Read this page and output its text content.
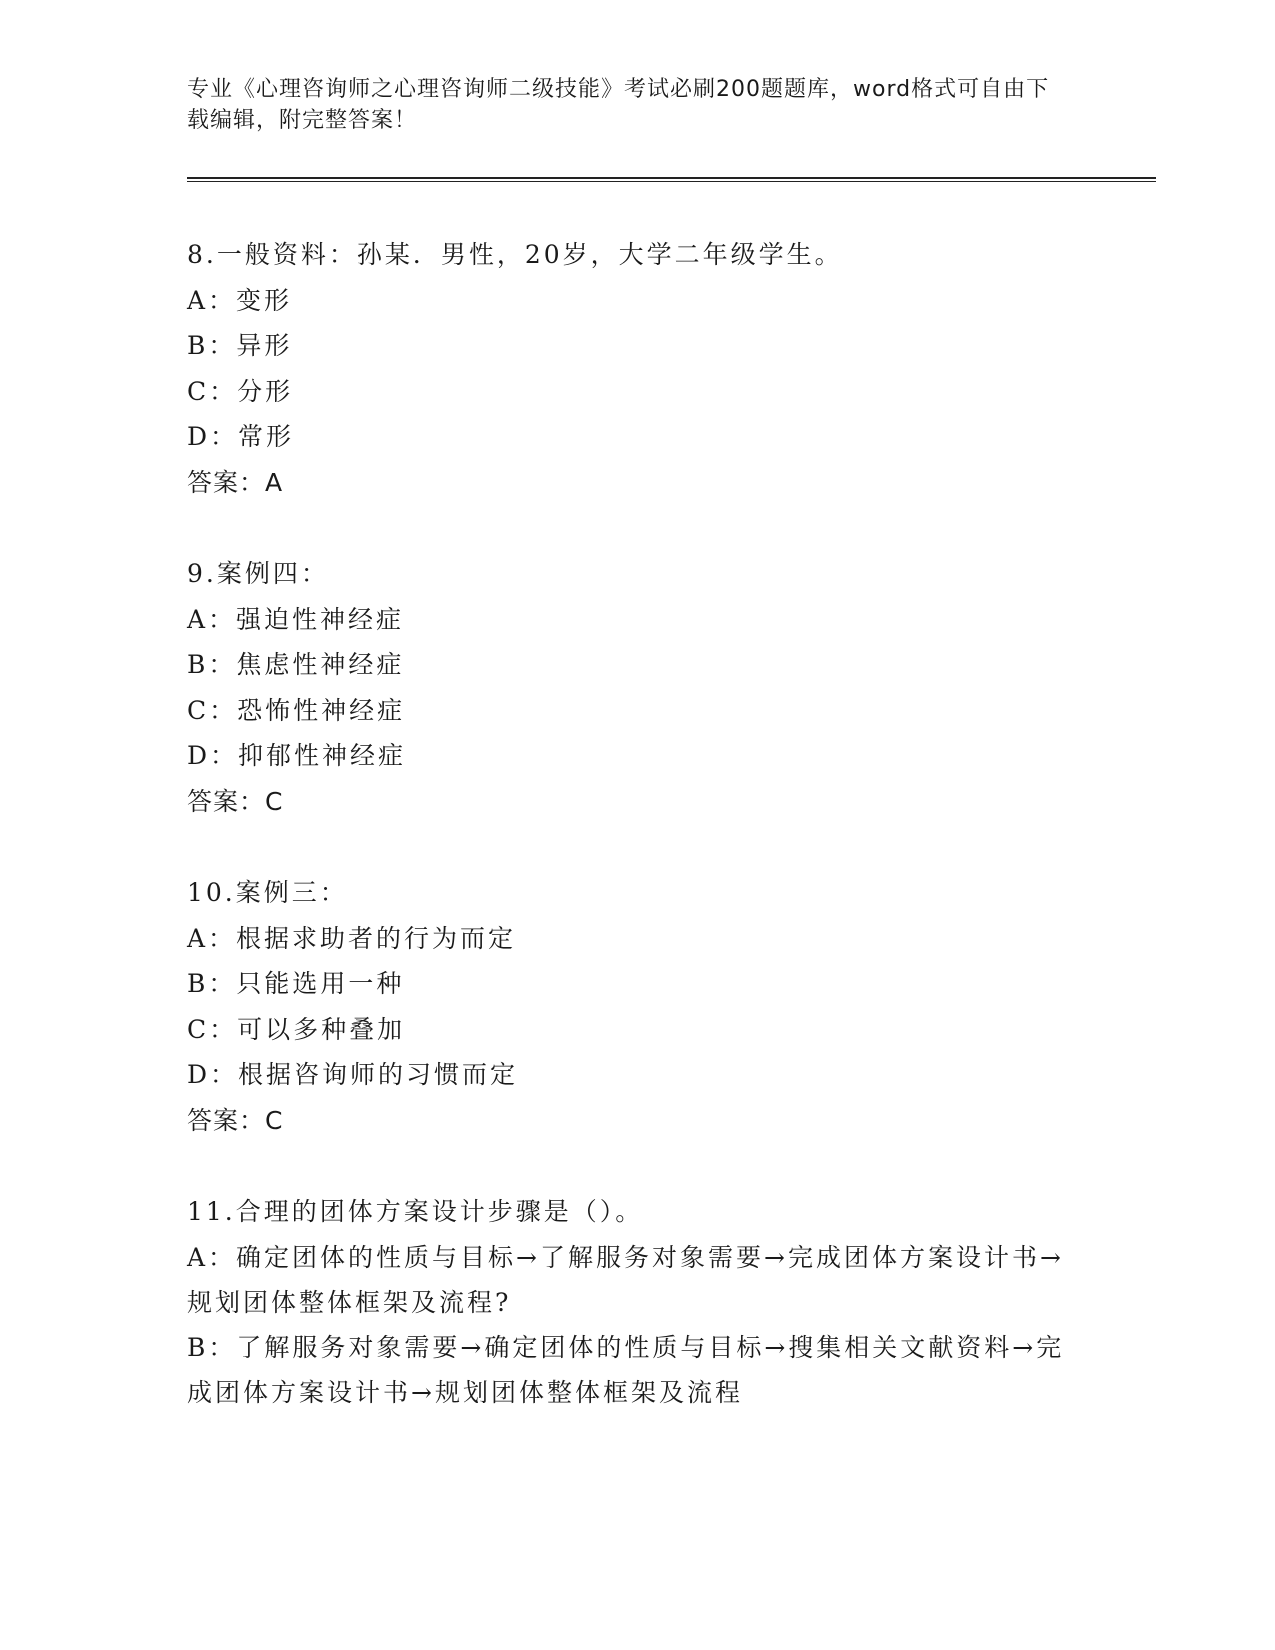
专业《心理咨询师之心理咨询师二级技能》考试必刷200题题库，word格式可自由下载编辑，附完整答案！
8.一般资料：孙某．男性，20岁，大学二年级学生。
A：变形
B：异形
C：分形
D：常形
答案：A
9.案例四：
A：强迫性神经症
B：焦虑性神经症
C：恐怖性神经症
D：抑郁性神经症
答案：C
10.案例三：
A：根据求助者的行为而定
B：只能选用一种
C：可以多种叠加
D：根据咨询师的习惯而定
答案：C
11.合理的团体方案设计步骤是（）。
A：确定团体的性质与目标→了解服务对象需要→完成团体方案设计书→规划团体整体框架及流程?
B：了解服务对象需要→确定团体的性质与目标→搜集相关文献资料→完成团体方案设计书→规划团体整体框架及流程
